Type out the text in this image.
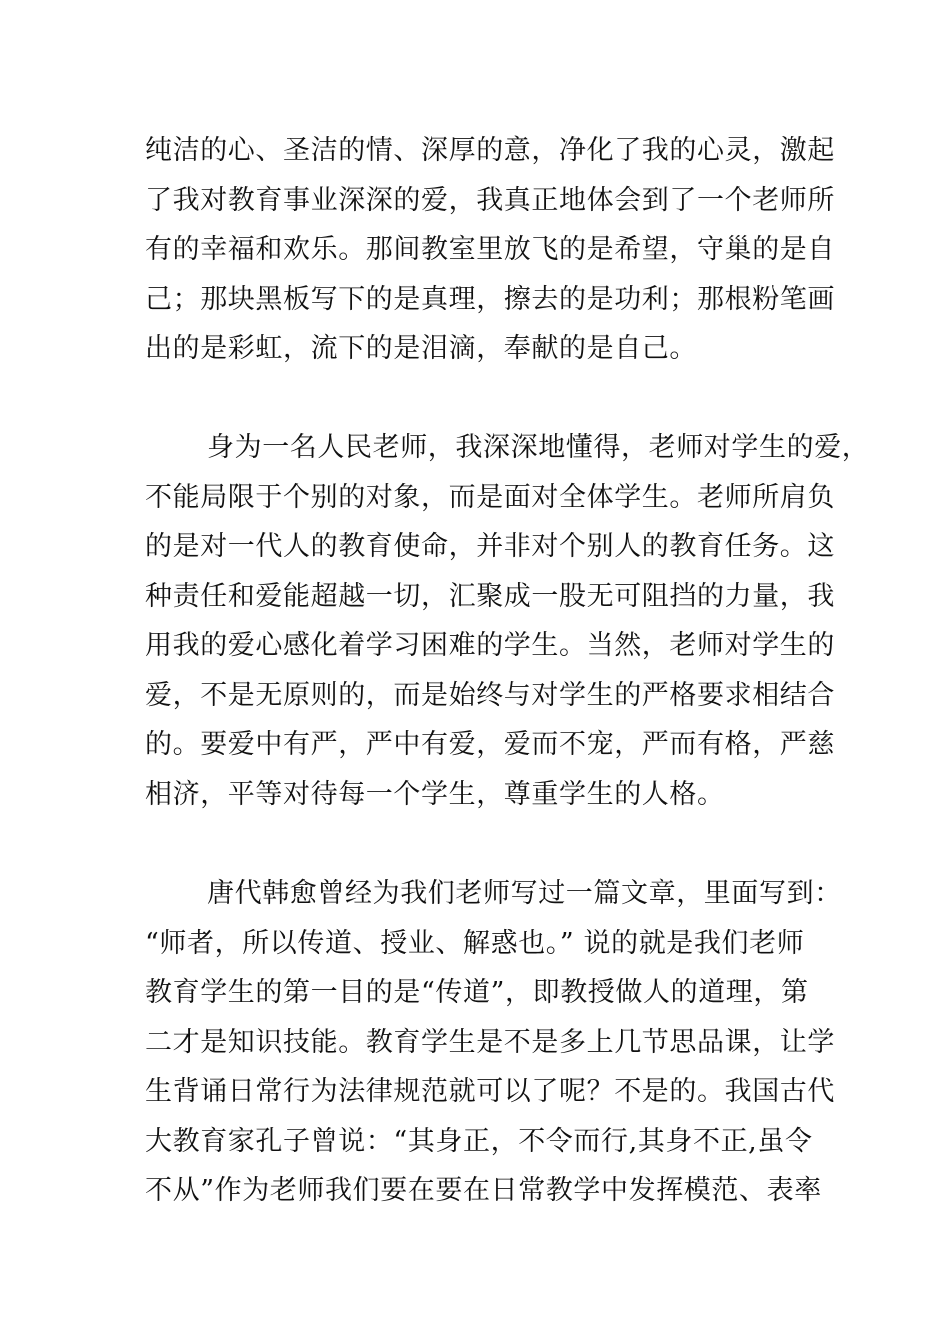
纯洁的心、圣洁的情、深厚的意，净化了我的心灵，激起
了我对教育事业深深的爱，我真正地体会到了一个老师所
有的幸福和欢乐。那间教室里放飞的是希望，守巢的是自
己；那块黑板写下的是真理，擦去的是功利；那根粉笔画
出的是彩虹，流下的是泪滴，奉献的是自己。
身为一名人民老师，我深深地懂得，老师对学生的爱，
不能局限于个别的对象，而是面对全体学生。老师所肩负
的是对一代人的教育使命，并非对个别人的教育任务。这
种责任和爱能超越一切，汇聚成一股无可阻挡的力量，我
用我的爱心感化着学习困难的学生。当然，老师对学生的
爱，不是无原则的，而是始终与对学生的严格要求相结合
的。要爱中有严，严中有爱，爱而不宠，严而有格，严慈
相济，平等对待每一个学生，尊重学生的人格。
唐代韩愈曾经为我们老师写过一篇文章，里面写到：
“师者，所以传道、授业、解惑也。” 说的就是我们老师
教育学生的第一目的是“传道”，即教授做人的道理，第
二才是知识技能。教育学生是不是多上几节思品课，让学
生背诵日常行为法律规范就可以了呢？不是的。我国古代
大教育家孔子曾说：“其身正，不令而行,其身不正,虽令
不从”作为老师我们要在要在日常教学中发挥模范、表率
